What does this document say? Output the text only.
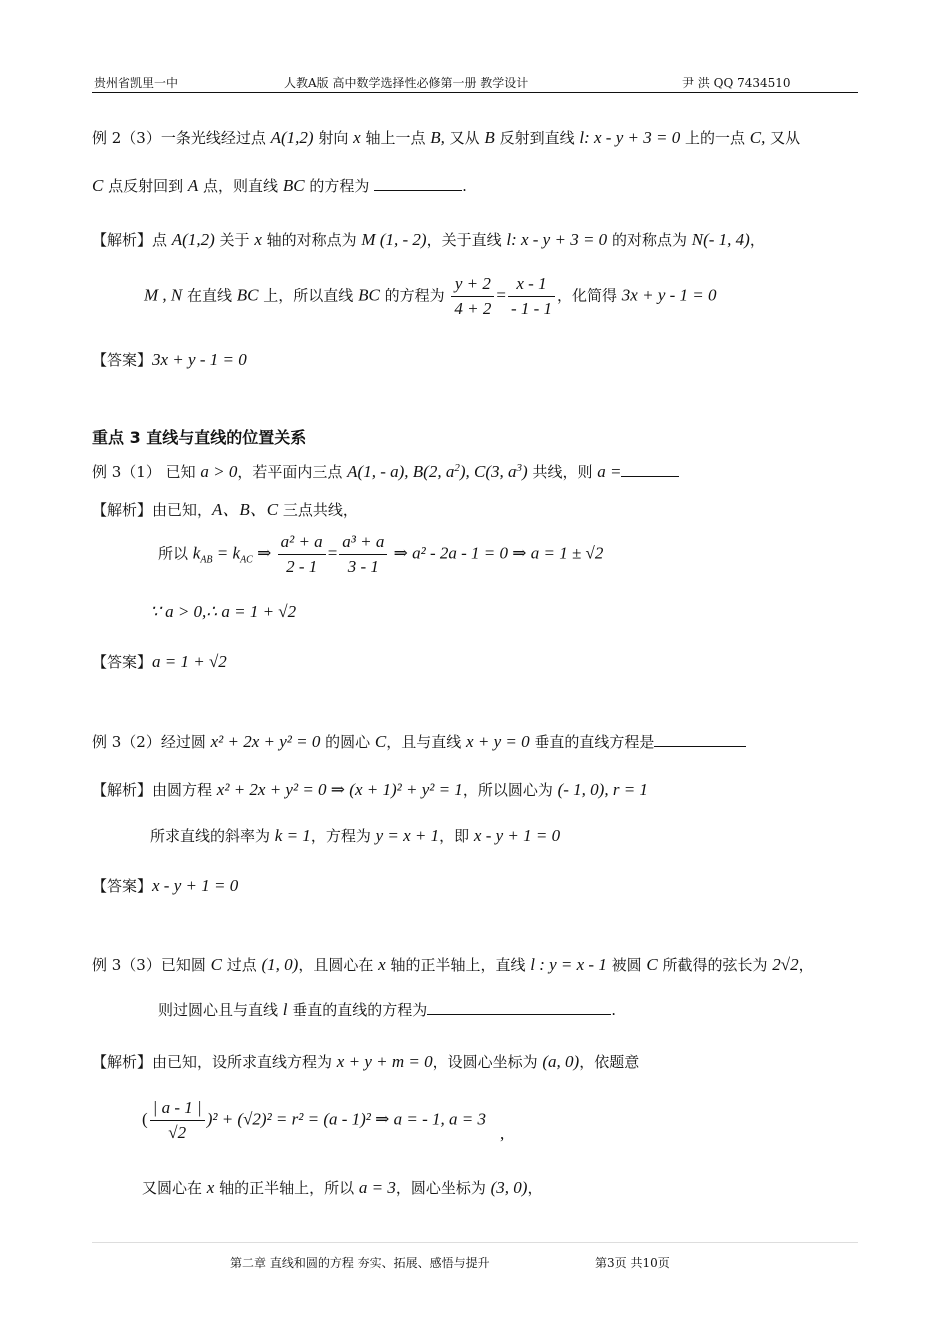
贵州省凯里一中	人教A版 高中数学选择性必修第一册 教学设计	尹 洪 QQ 7434510
例 2（3）一条光线经过点 A(1,2) 射向 x 轴上一点 B, 又从 B 反射到直线 l: x - y + 3 = 0 上的一点 C, 又从
C 点反射回到 A 点，则直线 BC 的方程为	.
【解析】点 A(1,2) 关于 x 轴的对称点为 M (1, - 2)，关于直线 l: x - y + 3 = 0 的对称点为 N(- 1, 4)，
M , N 在直线 BC 上，所以直线 BC 的方程为 $\frac{y + 2}{4 + 2} = \frac{x - 1}{- 1 - 1}$ ，化简得 3x + y - 1 = 0
【答案】3x + y - 1 = 0
重点 3 直线与直线的位置关系
例 3（1） 已知 a > 0，若平面内三点 A(1, - a), B(2, $a^2$), C(3, $a^3$) 共线，则 a =
【解析】由已知，A、B、C 三点共线，
所以 $k_{AB} = k_{AC}$ ⇒ $\frac{\text{a² + a}}{2 - 1} = \frac{\text{a³ + a}}{3 - 1}$ ⇒ a² - 2a - 1 = 0 ⇒ a = 1 ± √2
∵ a > 0,∴ a = 1 + √2
【答案】a = 1 + √2
例 3（2）经过圆 x² + 2x + y² = 0 的圆心 C，且与直线 x + y = 0 垂直的直线方程是
【解析】由圆方程 x² + 2x + y² = 0 ⇒ (x + 1)² + y² = 1，所以圆心为 (- 1, 0), r = 1
所求直线的斜率为 k = 1，方程为 y = x + 1，即 x - y + 1 = 0
【答案】x - y + 1 = 0
例 3（3）已知圆 C 过点 (1, 0)，且圆心在 x 轴的正半轴上，直线 l : y = x - 1 被圆 C 所截得的弦长为 2√2，
则过圆心且与直线 l 垂直的直线的方程为	.
【解析】由已知，设所求直线方程为 x + y + m = 0，设圆心坐标为 (a, 0)，依题意
( $\frac{| a - 1 |}{√2} )^2 + (√2)^2 = r^2 = (a - 1)^2$ ⇒ a = - 1, a = 3,
又圆心在 x 轴的正半轴上，所以 a = 3，圆心坐标为 (3, 0)，
第二章 直线和圆的方程 夯实、拓展、感悟与提升	第3页 共10页
